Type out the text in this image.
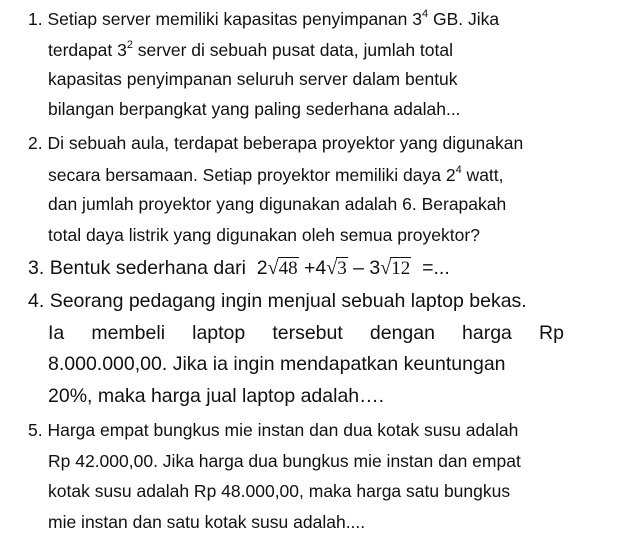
1. Setiap server memiliki kapasitas penyimpanan $3^4$ GB. Jika
terdapat $3^2$ server di sebuah pusat data, jumlah total
kapasitas penyimpanan seluruh server dalam bentuk
bilangan berpangkat yang paling sederhana adalah...
2. Di sebuah aula, terdapat beberapa proyektor yang digunakan
secara bersamaan. Setiap proyektor memiliki daya $2^4$ watt,
dan jumlah proyektor yang digunakan adalah 6. Berapakah
total daya listrik yang digunakan oleh semua proyektor?
3. Bentuk sederhana dari 2√48 +4√3 – 3√12 =...
4. Seorang pedagang ingin menjual sebuah laptop bekas.
Ia membeli laptop tersebut dengan harga Rp
8.000.000,00. Jika ia ingin mendapatkan keuntungan
20%, maka harga jual laptop adalah….
5. Harga empat bungkus mie instan dan dua kotak susu adalah
Rp 42.000,00. Jika harga dua bungkus mie instan dan empat
kotak susu adalah Rp 48.000,00, maka harga satu bungkus
mie instan dan satu kotak susu adalah....
